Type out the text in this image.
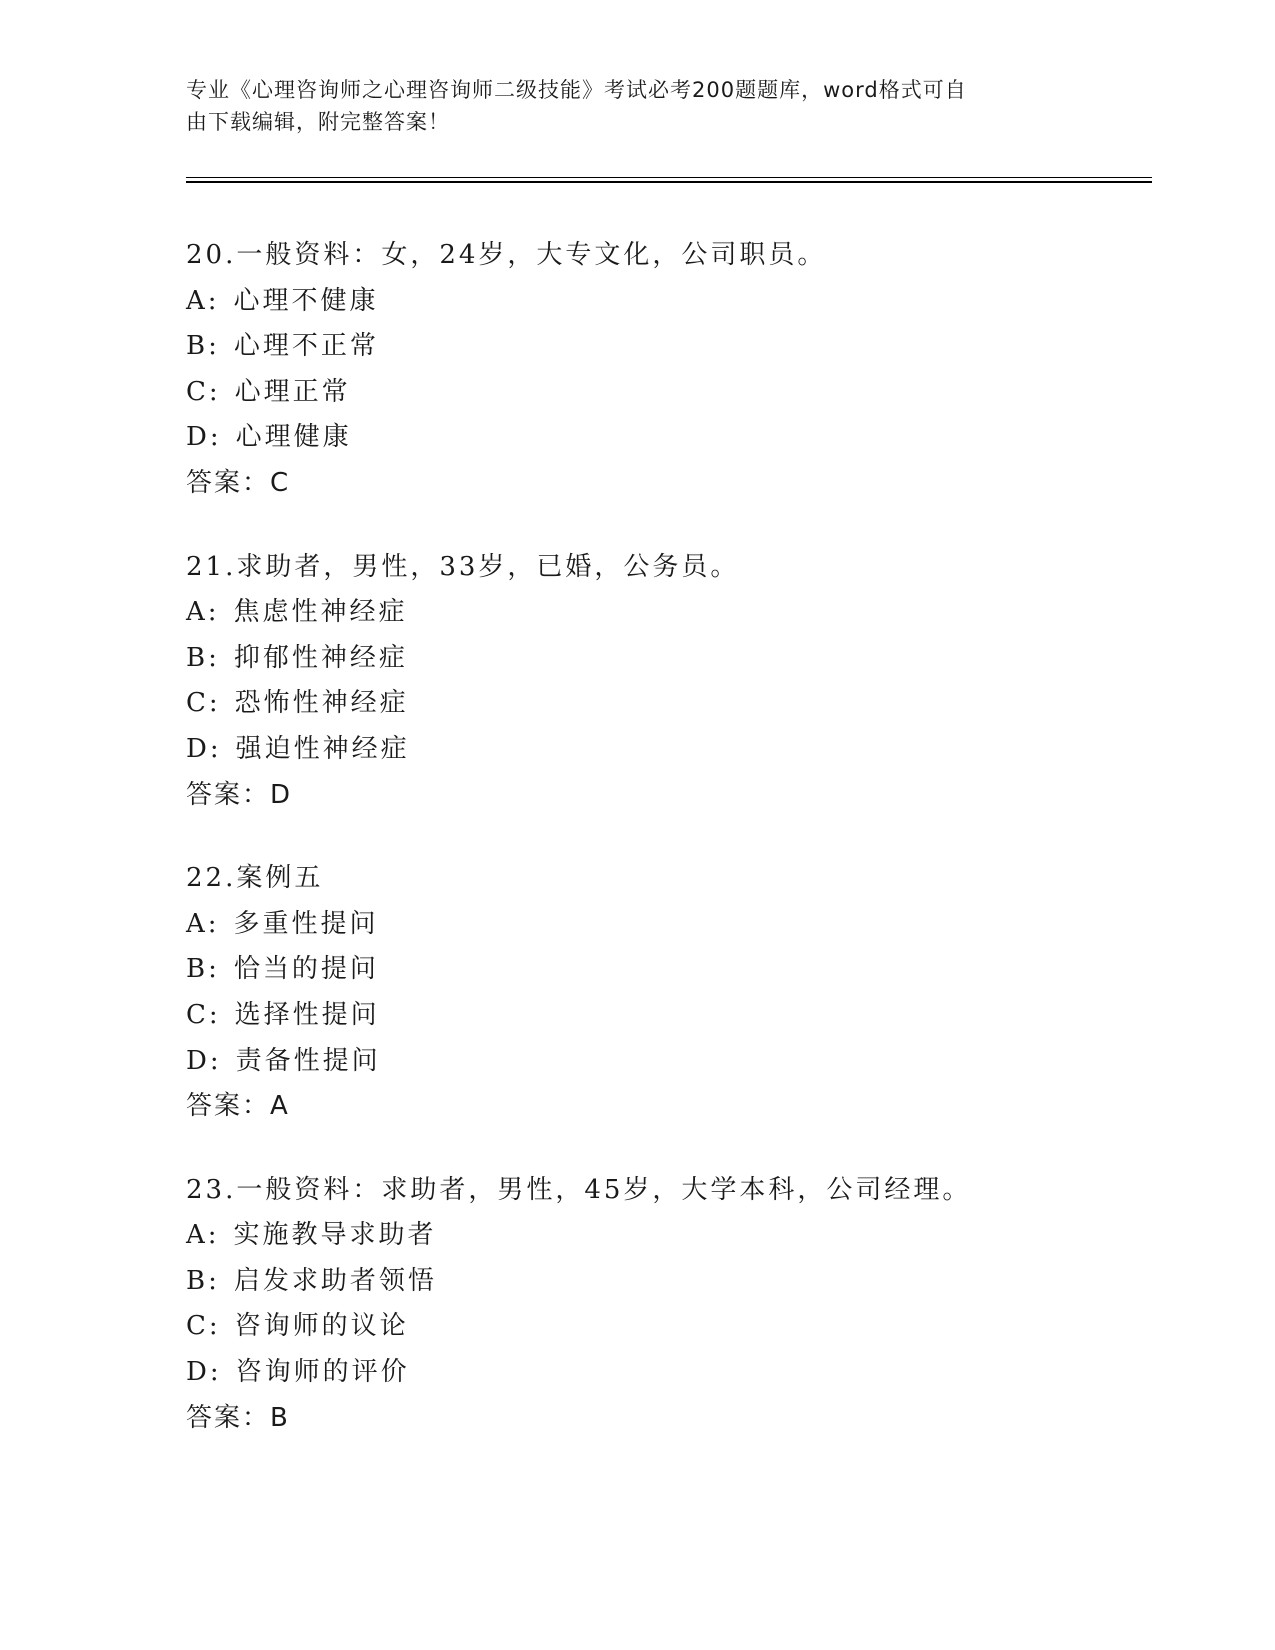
专业《心理咨询师之心理咨询师二级技能》考试必考200题题库，word格式可自
由下载编辑，附完整答案！
20.一般资料：女，24岁，大专文化，公司职员。
A: 心理不健康
B: 心理不正常
C: 心理正常
D: 心理健康
答案：C
21.求助者，男性，33岁，已婚，公务员。
A: 焦虑性神经症
B: 抑郁性神经症
C: 恐怖性神经症
D: 强迫性神经症
答案：D
22.案例五
A: 多重性提问
B: 恰当的提问
C: 选择性提问
D: 责备性提问
答案：A
23.一般资料：求助者，男性，45岁，大学本科，公司经理。
A: 实施教导求助者
B: 启发求助者领悟
C: 咨询师的议论
D: 咨询师的评价
答案：B
